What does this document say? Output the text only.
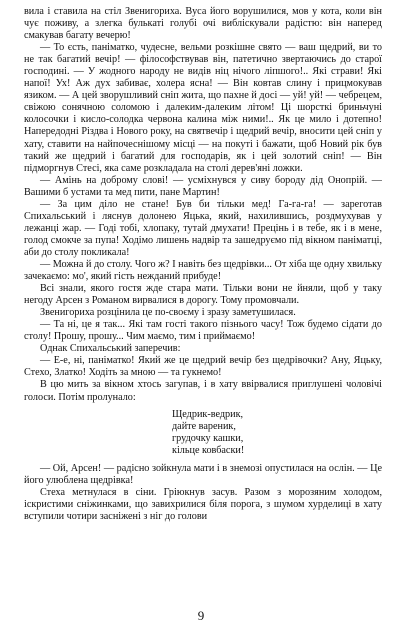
вила і ставила на стіл Звенигориха. Вуса його ворушилися, мов у кота, коли він чує поживу, а злегка булькаті голубі очі вибліскували радістю: він наперед смакував багату вечерю!

— То єсть, паніматко, чудесне, вельми розкішне свято — ваш щедрий, ви то не так багатий вечір! — філософствував він, патетично звертаючись до старої господині. — У жодного народу не видів ніц нічого ліпшого!.. Які страви! Які напої! Ух! Аж дух забиває, холера ясна! — Він ковтав слину і прицмокував язиком. — А цей зворушливий сніп жита, що пахне й досі — уй! уй! — чебрецем, свіжою сонячною соломою і далеким-далеким літом! Ці шорсткі бриньчуні колосочки і кисло-солодка червона калина між ними!.. Як це мило і дотепно! Напередодні Різдва і Нового року, на святвечір і щедрий вечір, вносити цей сніп у хату, ставити на найпочеснішому місці — на покуті і бажати, щоб Новий рік був такий же щедрий і багатий для господарів, як і цей золотий сніп! — Він підморгнув Стесі, яка саме розкладала на столі дерев'яні ложки.

— Амінь на доброму слові! — усміхнувся у сиву бороду дід Онопрій. — Вашими б устами та мед пити, пане Мартин!

— За цим діло не стане! Був би тільки мед! Га-га-га! — зареготав Спихальський і ляснув долонею Яцька, який, нахилившись, роздмухував у лежанці жар. — Годі тобі, хлопаку, тутай дмухати! Прецінь і в тебе, як і в мене, голод смокче за пупа! Ходімо лишень надвір та зашедруємо під вікном паніматці, аби до столу покликала!

— Можна й до столу. Чого ж? І навіть без щедрівки... От хіба ще одну хвильку зачекаємо: мо', який гість нежданий прибуде!

Всі знали, якого гостя жде стара мати. Тільки вони не йняли, щоб у таку негоду Арсен з Романом вирвалися в дорогу. Тому промовчали.

Звенигориха розцінила це по-своєму і зразу заметушилася.

— Та ні, це я так... Які там гості такого пізнього часу! Тож будемо сідати до столу! Прошу, прошу... Чим маємо, тим і приймаємо!

Однак Спихальський заперечив:

— Е-е, ні, паніматко! Який же це щедрий вечір без щедрівочки? Ану, Яцьку, Стехо, Златко! Ходіть за мною — та гукнемо!

В цю мить за вікном хтось загупав, і в хату ввірвалися приглушені чоловічі голоси. Потім пролунало:

Щедрик-ведрик,
дайте вареник,
грудочку кашки,
кільце ковбаски!

— Ой, Арсен! — радісно зойкнула мати і в знемозі опустилася на ослін. — Це його улюблена щедрівка!

Стеха метнулася в сіни. Гріюкнув засув. Разом з морозяним холодом, іскристими сніжинками, що завихрилися біля порога, з шумом хурделиці в хату вступили чотири засніжені з ніг до голови

9
